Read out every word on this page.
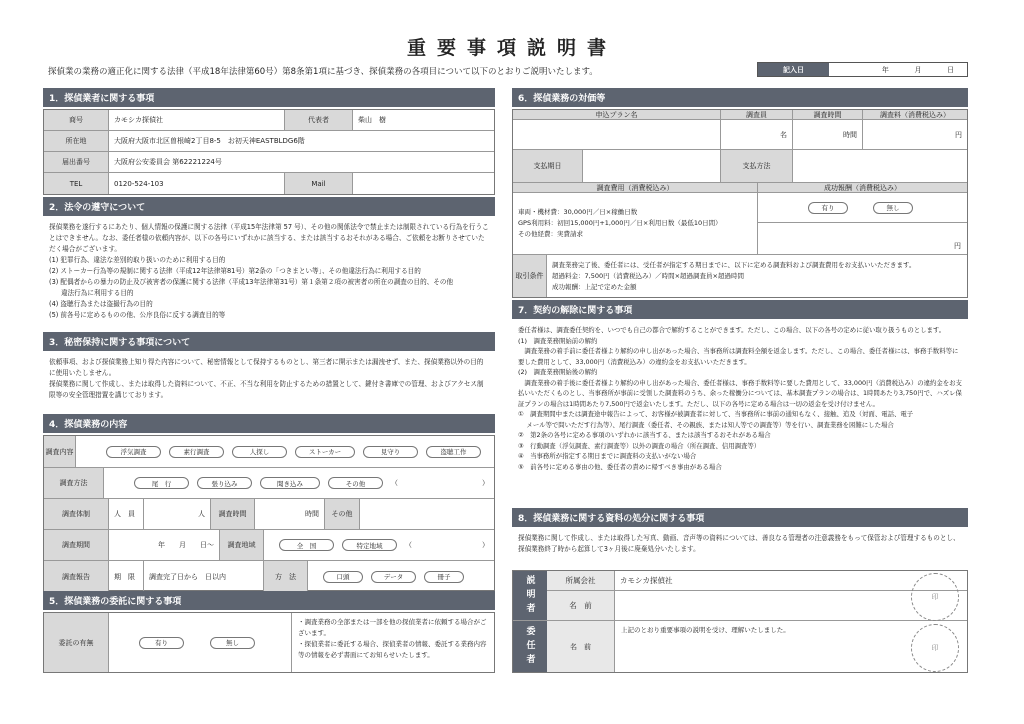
重要事項説明書
探偵業の業務の適正化に関する法律（平成18年法律第60号）第8条第1項に基づき、探偵業務の各項目について以下のとおりご説明いたします。	記入日	年	月	日
1．探偵業者に関する事項
商号	カモシカ探偵社	代表者	柴山　樹
所在地	大阪府大阪市北区曽根崎2丁目8-5　お初天神EASTBLDG6階
届出番号	大阪府公安委員会 第62221224号
TEL	0120-524-103	Mail
2．法令の遵守について
探偵業務を遂行するにあたり、個人情報の保護に関する法律（平成15年法律第 57 号）、その他の関係法令で禁止または制限されている行為を行うことはできません。なお、委任者様の依頼内容が、以下の各号にいずれかに該当する、または該当するおそれがある場合、ご依頼をお断りさせていただく場合がございます。
(1) 犯罪行為、違法な差別的取り扱いのために利用する目的
(2) ストーカー行為等の規制に関する法律（平成12年法律第81号）第2条の「つきまとい等」、その他違法行為に利用する目的
(3) 配偶者からの暴力の防止及び被害者の保護に関する法律（平成13年法律第31号）第１条第２項の被害者の所在の調査の目的、その他
違法行為に利用する目的
(4) 盗聴行為または盗撮行為の目的
(5) 前各号に定めるものの他、公序良俗に反する調査目的等
3．秘密保持に関する事項について
依頼事項、および探偵業務上知り得た内容について、秘密情報として保持するものとし、第三者に開示または漏洩せず、また、探偵業務以外の目的に使用いたしません。
探偵業務に関して作成し、または取得した資料について、不正、不当な利用を防止するための措置として、鍵付き書庫での管理、およびアクセス制限等の安全管理措置を講じております。
4．探偵業務の内容
調査内容	浮気調査	素行調査	人探し	ストーカー	見守り	盗聴工作
調査方法	尾　行	張り込み	聞き込み	その他	（　　　　　　　　　　　　）
調査体制	人　員	人	調査時間	時間	その他
調査期間	年　　月　　日〜	調査地域	全　国	特定地域	（　　　　　　　　　　）
調査報告	期　限	調査完了日から　日以内	方　法	口頭	データ	冊子
5．探偵業務の委託に関する事項
委託の有無	有り	無し
・調査業務の全部または一部を他の探偵業者に依頼する場合がございます。
・探偵業者に委託する場合、探偵業者の情報、委託する業務内容等の情報を必ず書面にてお知らせいたします。
6．探偵業務の対価等
申込プラン名	調査員	調査時間	調査料（消費税込み）
名	時間	円
支払期日	支払方法
調査費用（消費税込み）	成功報酬（消費税込み）
車両・機材費：30,000円／日×稼働日数
GPS利用料：初回15,000円+1,000円／日×利用日数（最低10日間）
その他経費：実費請求
有り	無し
円
取引条件
調査業務完了後、委任者には、受任者が指定する期日までに、以下に定める調査料および調査費用をお支払いいただきます。
超過料金：7,500円（消費税込み）／時間×超過調査員×超過時間
成功報酬：上記で定めた金額
7．契約の解除に関する事項
委任者様は、調査委任契約を、いつでも自己の都合で解約することができます。ただし、この場合、以下の各号の定めに従い取り扱うものとします。
(1)　調査業務開始前の解約
　調査業務の着手前に委任者様より解約の申し出があった場合、当事務所は調査料全額を返金します。ただし、この場合、委任者様には、事務手数料等に要した費用として、33,000円（消費税込み）の違約金をお支払いいただきます。
(2)　調査業務開始後の解約
　調査業務の着手後に委任者様より解約の申し出があった場合、委任者様は、事務手数料等に要した費用として、33,000円（消費税込み）の違約金をお支払いいただくものとし、当事務所が事前に受領した調査料のうち、余った稼働分については、基本調査プランの場合は、1時間あたり3,750円で、ハズレ保証プランの場合は1時間あたり7,500円で返金いたします。ただし、以下の各号に定める場合は一切の返金を受け付けません。
①　調査期間中または調査途中報告によって、お客様が被調査者に対して、当事務所に事前の通知もなく、接触、追及（対面、電話、電子
　 メール等で問いただす行為等）、尾行調査（委任者、その親族、または知人等での調査等）等を行い、調査業務を困難にした場合
②　第2条の各号に定める事項のいずれかに該当する、または該当するおそれがある場合
③　行動調査（浮気調査、素行調査等）以外の調査の場合（所在調査、信用調査等）
④　当事務所が指定する期日までに調査料の支払いがない場合
⑤　前各号に定める事由の他、委任者の責めに帰すべき事由がある場合
8．探偵業務に関する資料の処分に関する事項
探偵業務に関して作成し、または取得した写真、動画、音声等の資料については、善良なる管理者の注意義務をもって保管および管理するものとし、探偵業務終了時から起算して3ヶ月後に廃棄処分いたします。
説明者	所属会社	カモシカ探偵社
名　前
委任者	名　前
上記のとおり重要事項の説明を受け、理解いたしました。
印
印
